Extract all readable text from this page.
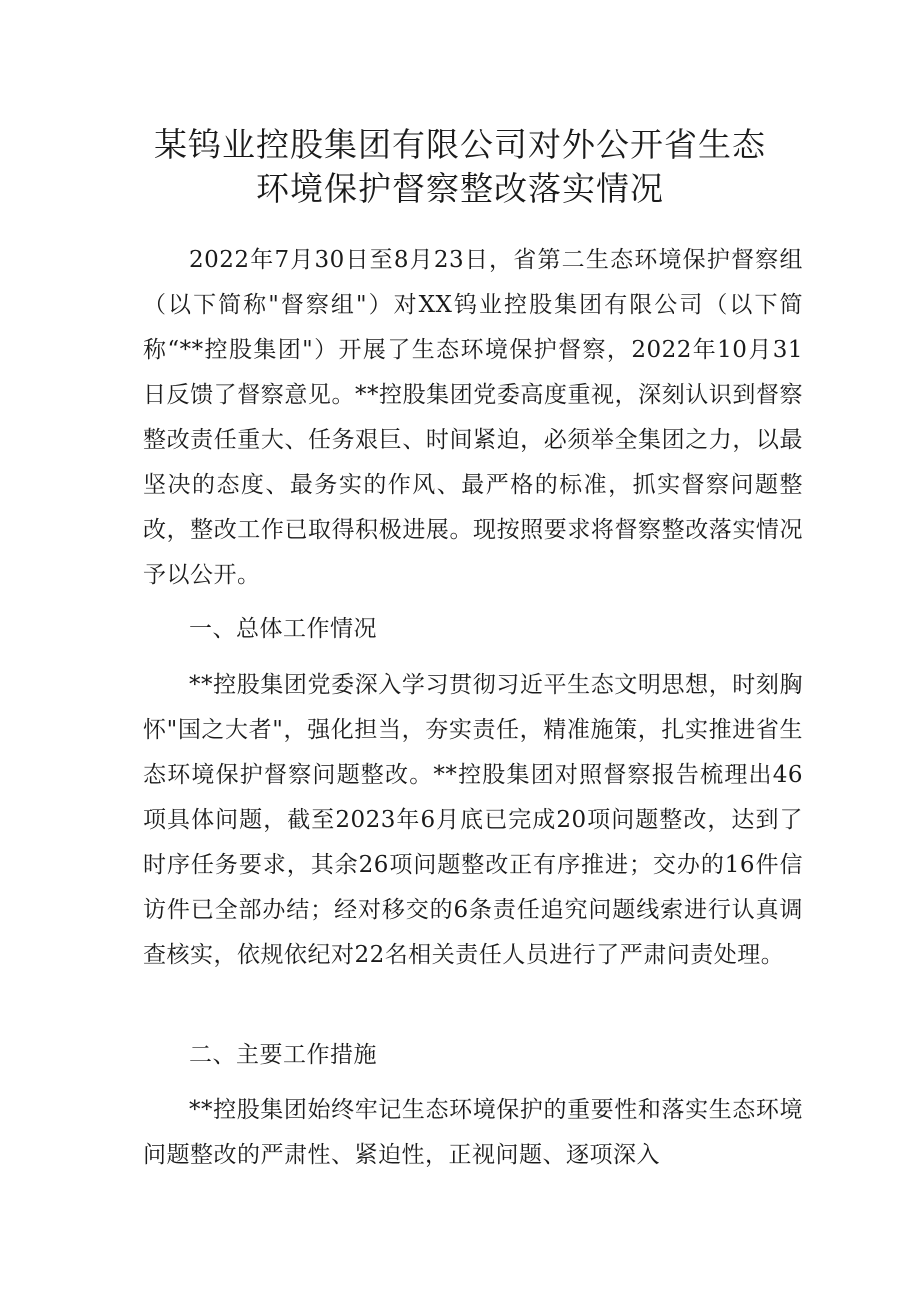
某钨业控股集团有限公司对外公开省生态
环境保护督察整改落实情况

2022年7月30日至8月23日，省第二生态环境保护督察组（以下简称"督察组"）对XX钨业控股集团有限公司（以下简称“**控股集团"）开展了生态环境保护督察，2022年10月31日反馈了督察意见。**控股集团党委高度重视，深刻认识到督察整改责任重大、任务艰巨、时间紧迫，必须举全集团之力，以最坚决的态度、最务实的作风、最严格的标准，抓实督察问题整改，整改工作已取得积极进展。现按照要求将督察整改落实情况予以公开。

一、总体工作情况

**控股集团党委深入学习贯彻习近平生态文明思想，时刻胸怀"国之大者"，强化担当，夯实责任，精准施策，扎实推进省生态环境保护督察问题整改。**控股集团对照督察报告梳理出46项具体问题，截至2023年6月底已完成20项问题整改，达到了时序任务要求，其余26项问题整改正有序推进；交办的16件信访件已全部办结；经对移交的6条责任追究问题线索进行认真调查核实，依规依纪对22名相关责任人员进行了严肃问责处理。

二、主要工作措施

**控股集团始终牢记生态环境保护的重要性和落实生态环境问题整改的严肃性、紧迫性，正视问题、逐项深入
